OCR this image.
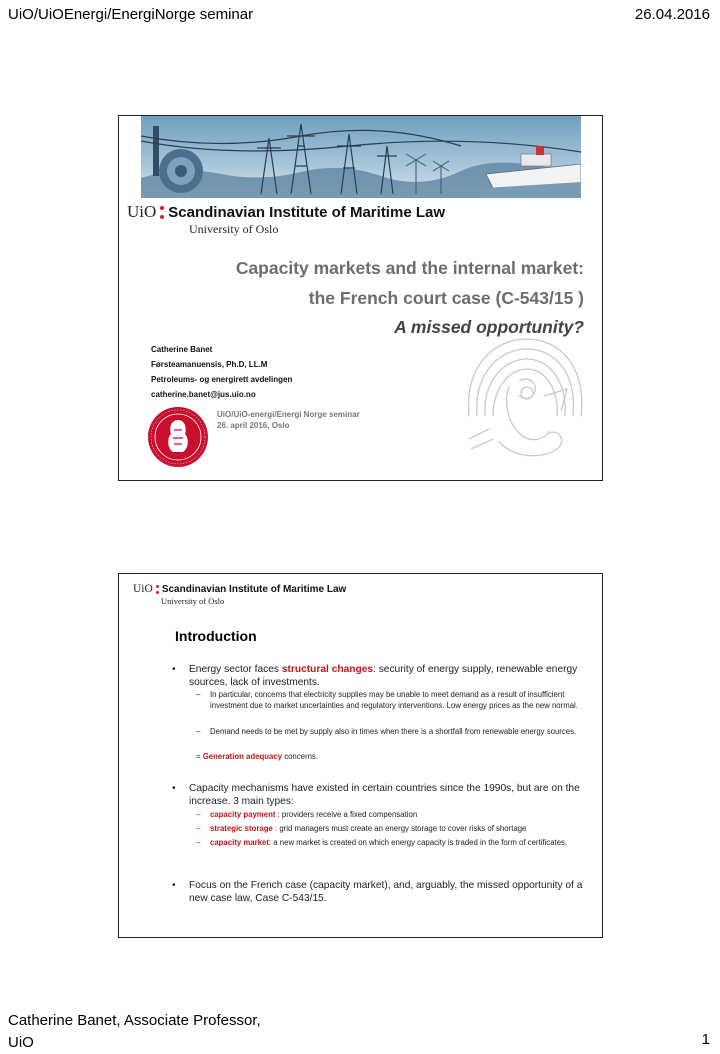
UiO/UiOEnergi/EnergiNorge seminar	26.04.2016
UiO Scandinavian Institute of Maritime Law
University of Oslo
Capacity markets and the internal market:
the French court case (C-543/15 )
A missed opportunity?
Catherine Banet
Førsteamanuensis, Ph.D, LL.M
Petroleums- og energirett avdelingen
catherine.banet@jus.uio.no
UiO/UiO-energi/Energi Norge seminar
26. april 2016, Oslo
UiO Scandinavian Institute of Maritime Law
University of Oslo
Introduction
• Energy sector faces structural changes: security of energy supply, renewable energy sources, lack of investments.
– In particular, concerns that electricity supplies may be unable to meet demand as a result of insufficient investment due to market uncertainties and regulatory interventions. Low energy prices as the new normal.
– Demand needs to be met by supply also in times when there is a shortfall from renewable energy sources.
= Generation adequacy concerns.
• Capacity mechanisms have existed in certain countries since the 1990s, but are on the increase. 3 main types:
– capacity payment : providers receive a fixed compensation
– strategic storage : grid managers must create an energy storage to cover risks of shortage
– capacity market: a new market is created on which energy capacity is traded in the form of certificates.
• Focus on the French case (capacity market), and, arguably, the missed opportunity of a new case law, Case C-543/15.
Catherine Banet, Associate Professor,
UiO	1
